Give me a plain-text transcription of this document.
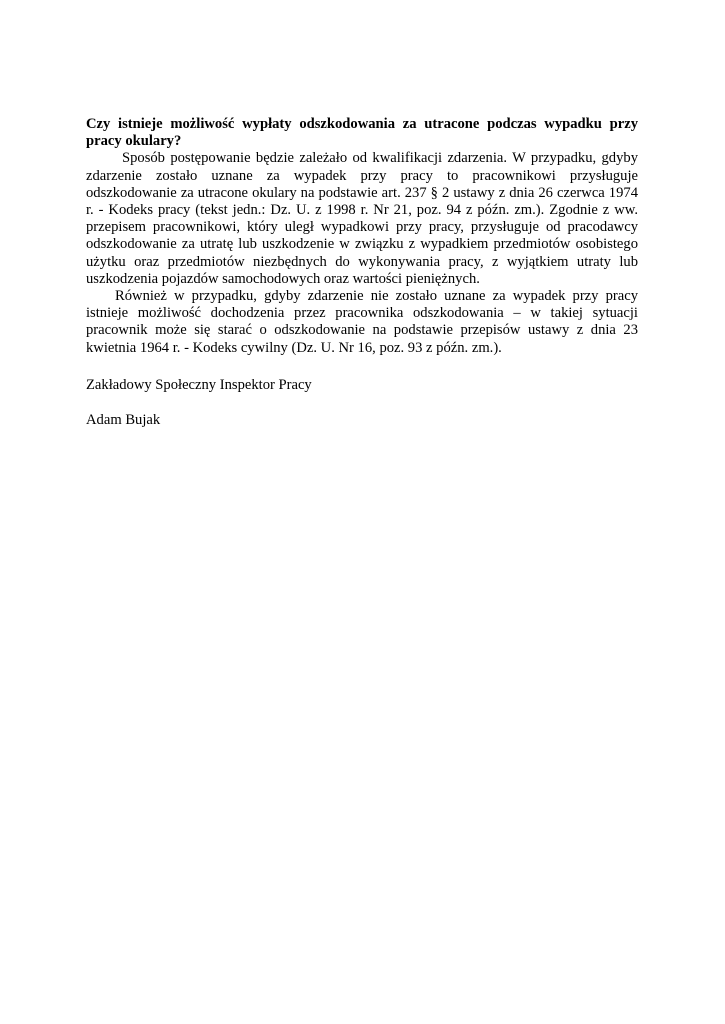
Czy istnieje możliwość wypłaty odszkodowania za utracone podczas wypadku przy pracy okulary?

Sposób postępowanie będzie zależało od kwalifikacji zdarzenia. W przypadku, gdyby zdarzenie zostało uznane za wypadek przy pracy to pracownikowi przysługuje odszkodowanie za utracone okulary na podstawie art. 237 § 2 ustawy z dnia 26 czerwca 1974 r. - Kodeks pracy (tekst jedn.: Dz. U. z 1998 r. Nr 21, poz. 94 z późn. zm.). Zgodnie z ww. przepisem pracownikowi, który uległ wypadkowi przy pracy, przysługuje od pracodawcy odszkodowanie za utratę lub uszkodzenie w związku z wypadkiem przedmiotów osobistego użytku oraz przedmiotów niezbędnych do wykonywania pracy, z wyjątkiem utraty lub uszkodzenia pojazdów samochodowych oraz wartości pieniężnych.

Również w przypadku, gdyby zdarzenie nie zostało uznane za wypadek przy pracy istnieje możliwość dochodzenia przez pracownika odszkodowania – w takiej sytuacji pracownik może się starać o odszkodowanie na podstawie przepisów ustawy z dnia 23 kwietnia 1964 r. - Kodeks cywilny (Dz. U. Nr 16, poz. 93 z późn. zm.).

Zakładowy Społeczny Inspektor Pracy

Adam Bujak
